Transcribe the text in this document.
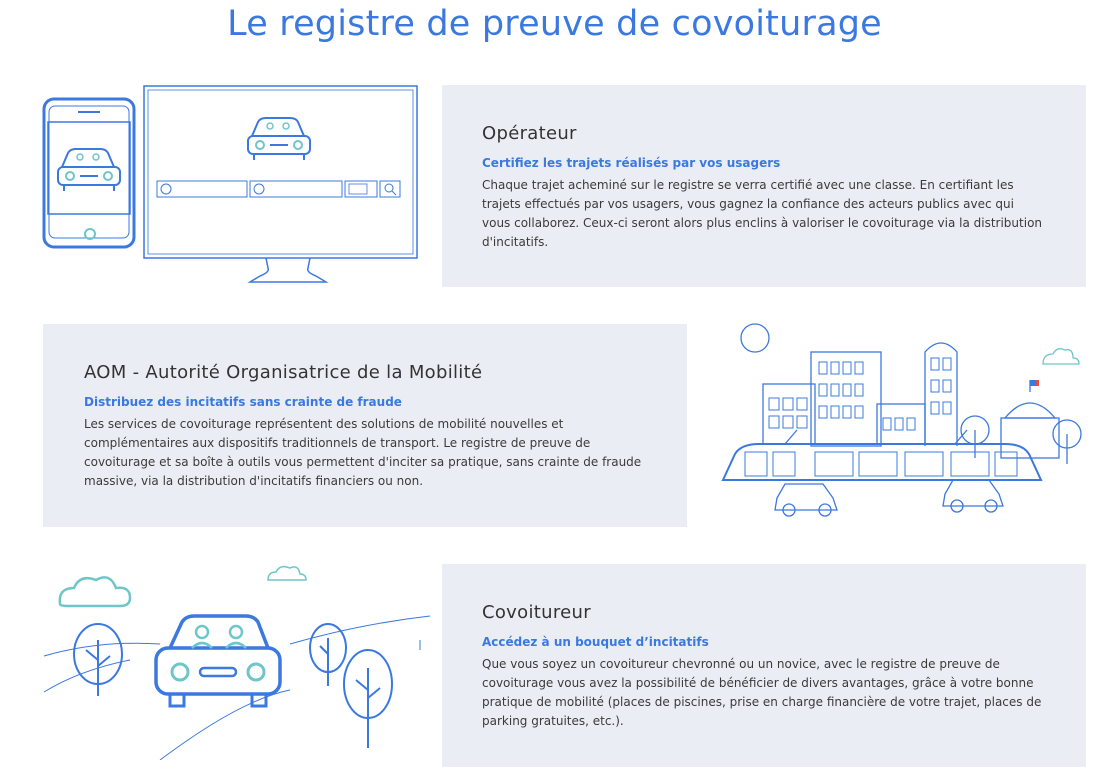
Le registre de preuve de covoiturage
Opérateur
Certifiez les trajets réalisés par vos usagers

Chaque trajet acheminé sur le registre se verra certifié avec une classe. En certifiant les trajets effectués par vos usagers, vous gagnez la confiance des acteurs publics avec qui vous collaborez. Ceux-ci seront alors plus enclins à valoriser le covoiturage via la distribution d'incitatifs.

AOM - Autorité Organisatrice de la Mobilité
Distribuez des incitatifs sans crainte de fraude

Les services de covoiturage représentent des solutions de mobilité nouvelles et complémentaires aux dispositifs traditionnels de transport. Le registre de preuve de covoiturage et sa boîte à outils vous permettent d'inciter sa pratique, sans crainte de fraude massive, via la distribution d'incitatifs financiers ou non.

Covoitureur
Accédez à un bouquet d’incitatifs

Que vous soyez un covoitureur chevronné ou un novice, avec le registre de preuve de covoiturage vous avez la possibilité de bénéficier de divers avantages, grâce à votre bonne pratique de mobilité (places de piscines, prise en charge financière de votre trajet, places de parking gratuites, etc.).
